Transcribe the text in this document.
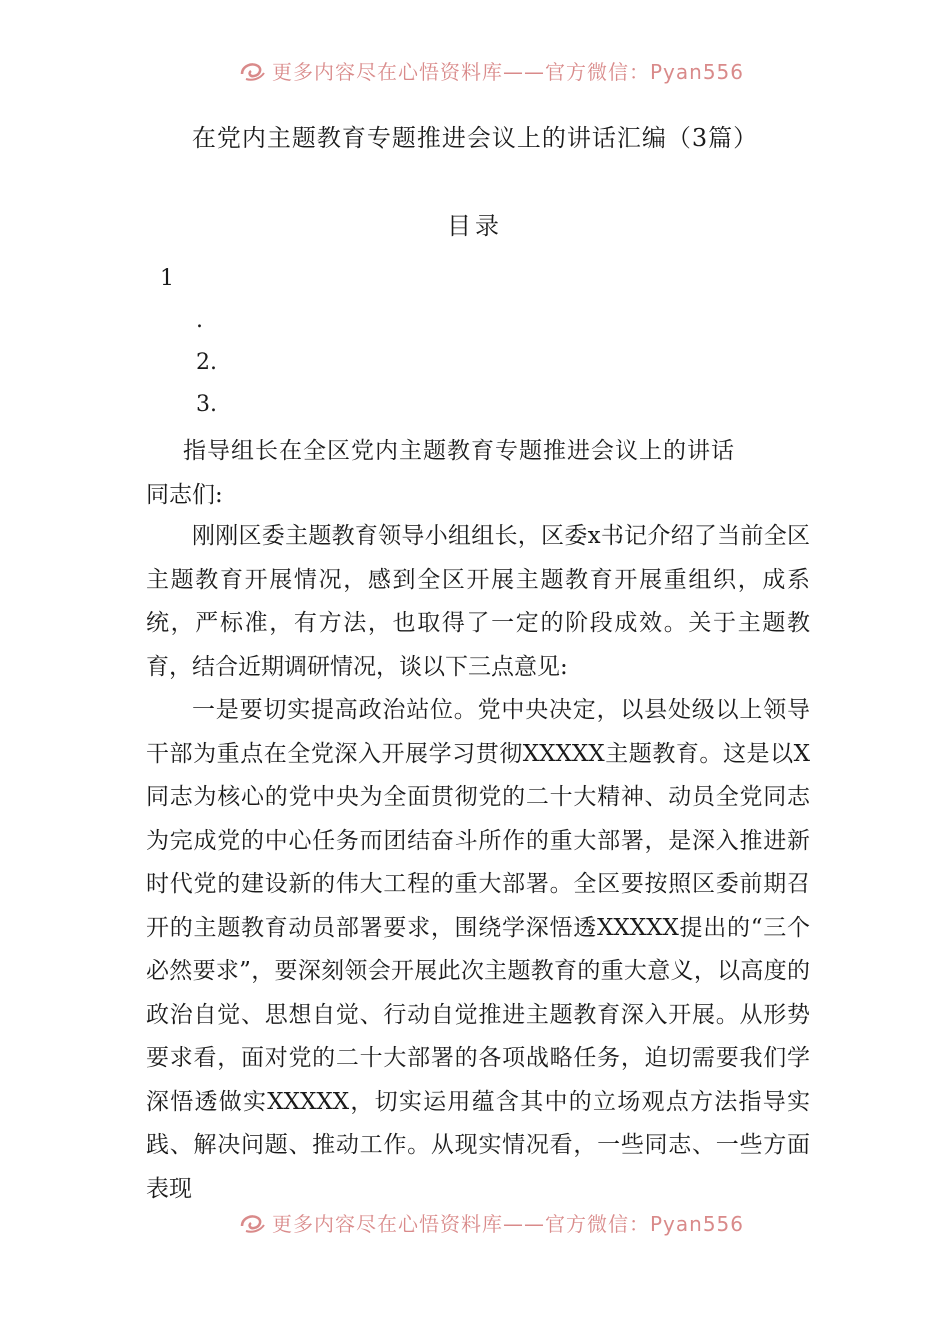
更多内容尽在心悟资料库——官方微信：Pyan556
在党内主题教育专题推进会议上的讲话汇编（3篇）
目录
1
.
2.
3.
指导组长在全区党内主题教育专题推进会议上的讲话
同志们:
刚刚区委主题教育领导小组组长，区委x书记介绍了当前全区主题教育开展情况，感到全区开展主题教育开展重组织，成系统，严标准，有方法，也取得了一定的阶段成效。关于主题教育，结合近期调研情况，谈以下三点意见:
一是要切实提高政治站位。党中央决定，以县处级以上领导干部为重点在全党深入开展学习贯彻XXXXX主题教育。这是以X同志为核心的党中央为全面贯彻党的二十大精神、动员全党同志为完成党的中心任务而团结奋斗所作的重大部署，是深入推进新时代党的建设新的伟大工程的重大部署。全区要按照区委前期召开的主题教育动员部署要求，围绕学深悟透XXXXX提出的“三个必然要求”，要深刻领会开展此次主题教育的重大意义，以高度的政治自觉、思想自觉、行动自觉推进主题教育深入开展。从形势要求看，面对党的二十大部署的各项战略任务，迫切需要我们学深悟透做实XXXXX，切实运用蕴含其中的立场观点方法指导实践、解决问题、推动工作。从现实情况看，一些同志、一些方面表现
更多内容尽在心悟资料库——官方微信：Pyan556
